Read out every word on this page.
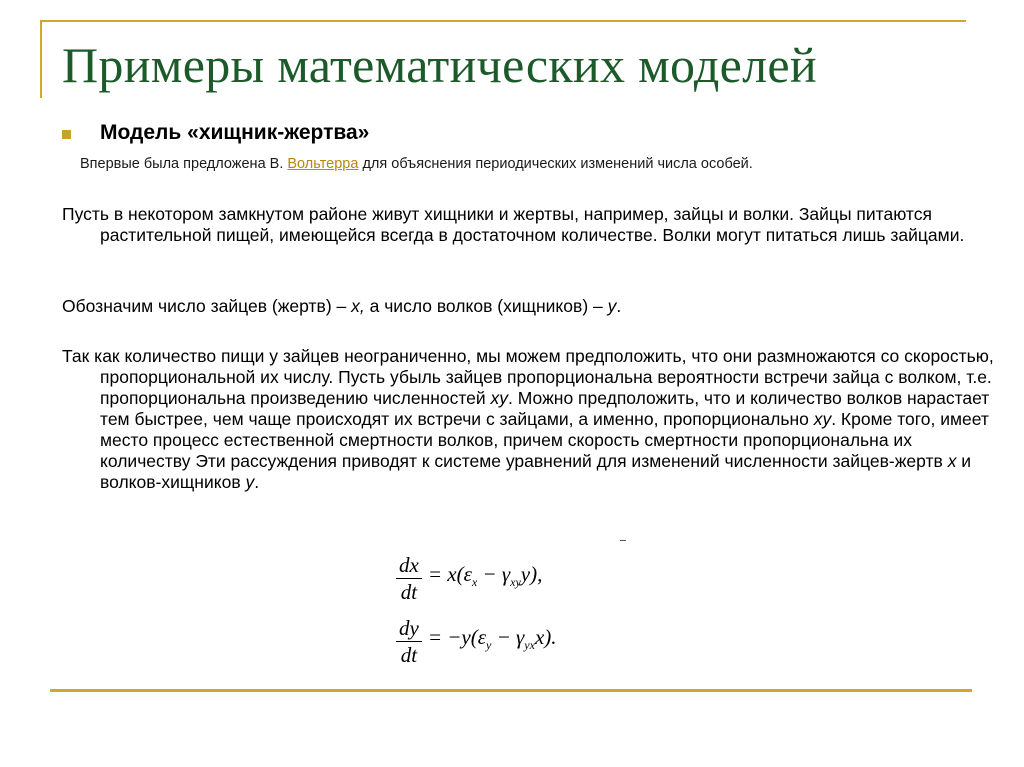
Примеры математических моделей
Модель «хищник-жертва»
Впервые была предложена В. Вольтерра для объяснения периодических изменений числа особей.

Пусть в некотором замкнутом районе живут хищники и жертвы, например, зайцы и волки. Зайцы питаются растительной пищей, имеющейся всегда в достаточном количестве. Волки могут питаться лишь зайцами.

Обозначим число зайцев (жертв) – x, а число волков (хищников) – y.

Так как количество пищи у зайцев неограниченно, мы можем предположить, что они размножаются со скоростью, пропорциональной их числу. Пусть убыль зайцев пропорциональна вероятности встречи зайца с волком, т.е. пропорциональна произведению численностей xy. Можно предположить, что и количество волков нарастает тем быстрее, чем чаще происходят их встречи с зайцами, а именно, пропорционально xy. Кроме того, имеет место процесс естественной смертности волков, причем скорость смертности пропорциональна их количеству Эти рассуждения приводят к системе уравнений для изменений численности зайцев-жертв x и волков-хищников y.

$\frac{dx}{dt} = x(\varepsilon_x - \gamma_{xy}y)$,
$\frac{dy}{dt} = -y(\varepsilon_y - \gamma_{yx}x)$.
